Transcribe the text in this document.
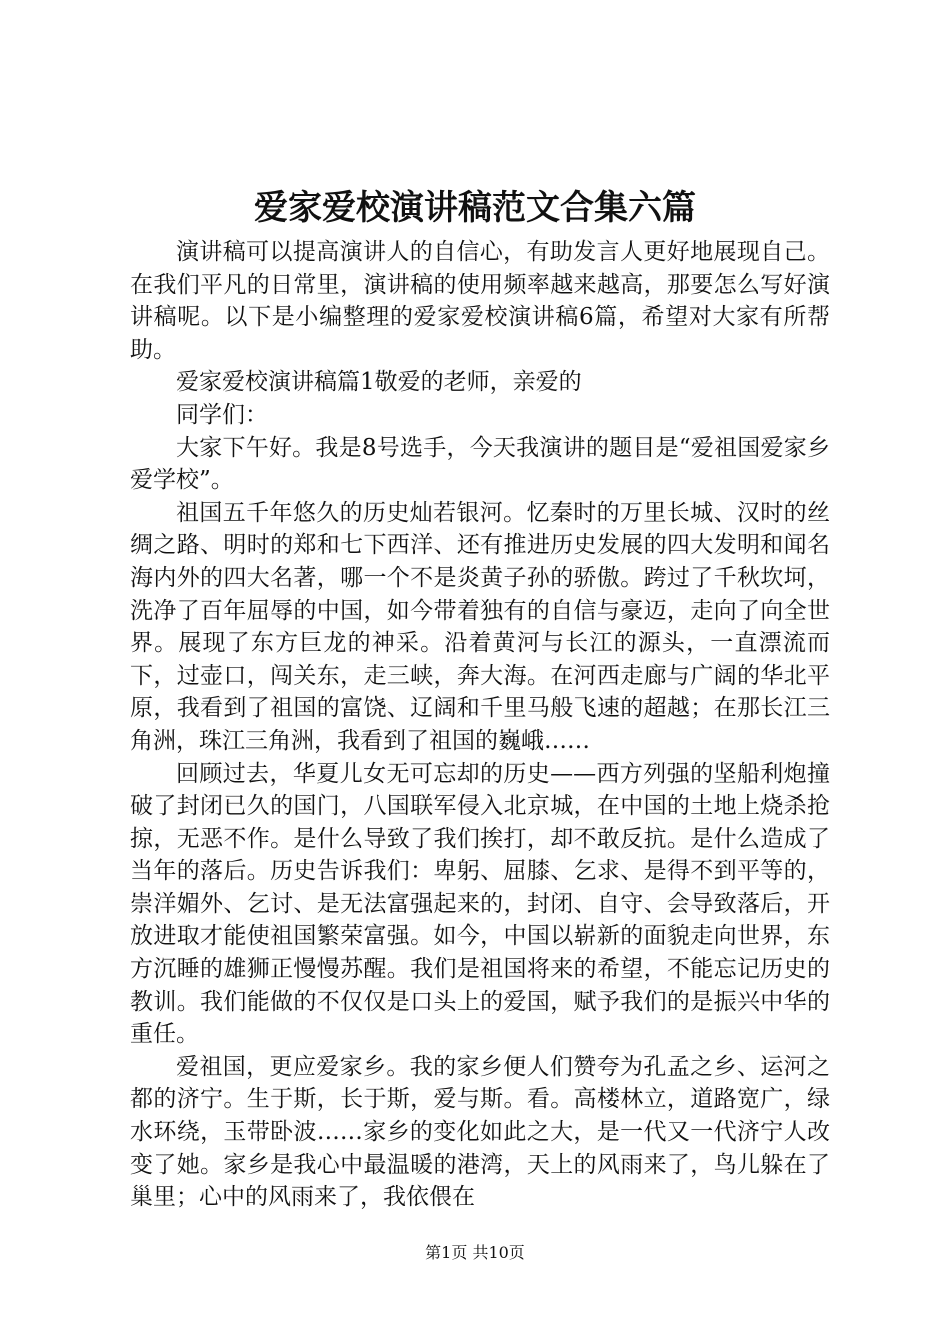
爱家爱校演讲稿范文合集六篇

演讲稿可以提高演讲人的自信心，有助发言人更好地展现自己。在我们平凡的日常里，演讲稿的使用频率越来越高，那要怎么写好演讲稿呢。以下是小编整理的爱家爱校演讲稿6篇，希望对大家有所帮助。

爱家爱校演讲稿篇1敬爱的老师，亲爱的

同学们：

大家下午好。我是8号选手，今天我演讲的题目是“爱祖国爱家乡爱学校”。

祖国五千年悠久的历史灿若银河。忆秦时的万里长城、汉时的丝绸之路、明时的郑和七下西洋、还有推进历史发展的四大发明和闻名海内外的四大名著，哪一个不是炎黄子孙的骄傲。跨过了千秋坎坷，洗净了百年屈辱的中国，如今带着独有的自信与豪迈，走向了向全世界。展现了东方巨龙的神采。沿着黄河与长江的源头，一直漂流而下，过壶口，闯关东，走三峡，奔大海。在河西走廊与广阔的华北平原，我看到了祖国的富饶、辽阔和千里马般飞速的超越；在那长江三角洲，珠江三角洲，我看到了祖国的巍峨……

回顾过去，华夏儿女无可忘却的历史——西方列强的坚船利炮撞破了封闭已久的国门，八国联军侵入北京城，在中国的土地上烧杀抢掠，无恶不作。是什么导致了我们挨打，却不敢反抗。是什么造成了当年的落后。历史告诉我们：卑躬、屈膝、乞求、是得不到平等的，崇洋媚外、乞讨、是无法富强起来的，封闭、自守、会导致落后，开放进取才能使祖国繁荣富强。如今，中国以崭新的面貌走向世界，东方沉睡的雄狮正慢慢苏醒。我们是祖国将来的希望，不能忘记历史的教训。我们能做的不仅仅是口头上的爱国，赋予我们的是振兴中华的重任。

爱祖国，更应爱家乡。我的家乡便人们赞夸为孔孟之乡、运河之都的济宁。生于斯，长于斯，爱与斯。看。高楼林立，道路宽广，绿水环绕，玉带卧波……家乡的变化如此之大，是一代又一代济宁人改变了她。家乡是我心中最温暖的港湾，天上的风雨来了，鸟儿躲在了巢里；心中的风雨来了，我依偎在

第1页 共10页
